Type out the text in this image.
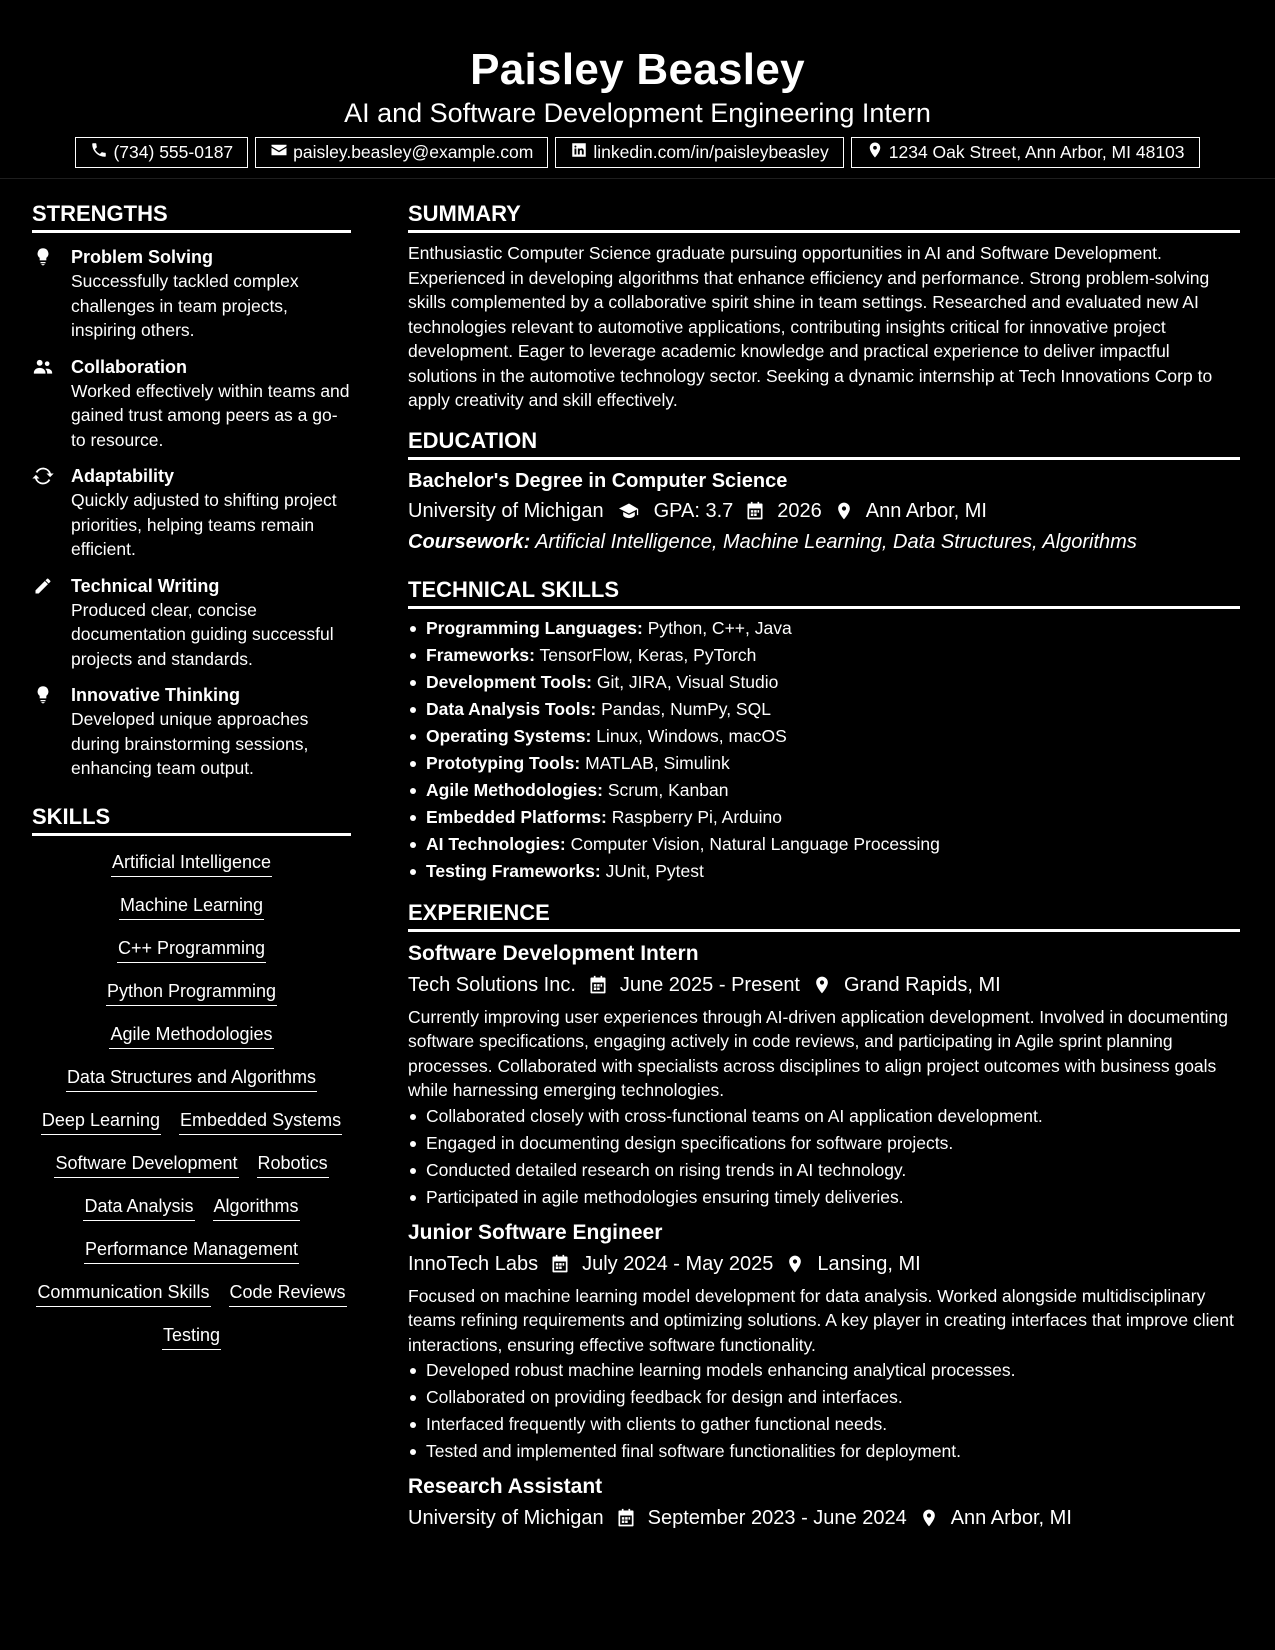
Paisley Beasley
AI and Software Development Engineering Intern
(734) 555-0187	paisley.beasley@example.com	linkedin.com/in/paisleybeasley	1234 Oak Street, Ann Arbor, MI 48103
STRENGTHS
Problem Solving
Successfully tackled complex challenges in team projects, inspiring others.
Collaboration
Worked effectively within teams and gained trust among peers as a go-to resource.
Adaptability
Quickly adjusted to shifting project priorities, helping teams remain efficient.
Technical Writing
Produced clear, concise documentation guiding successful projects and standards.
Innovative Thinking
Developed unique approaches during brainstorming sessions, enhancing team output.
SKILLS
Artificial Intelligence
Machine Learning
C++ Programming
Python Programming
Agile Methodologies
Data Structures and Algorithms
Deep Learning Embedded Systems
Software Development Robotics
Data Analysis Algorithms
Performance Management
Communication Skills Code Reviews
Testing
SUMMARY
Enthusiastic Computer Science graduate pursuing opportunities in AI and Software Development. Experienced in developing algorithms that enhance efficiency and performance. Strong problem-solving skills complemented by a collaborative spirit shine in team settings. Researched and evaluated new AI technologies relevant to automotive applications, contributing insights critical for innovative project development. Eager to leverage academic knowledge and practical experience to deliver impactful solutions in the automotive technology sector. Seeking a dynamic internship at Tech Innovations Corp to apply creativity and skill effectively.
EDUCATION
Bachelor's Degree in Computer Science
University of Michigan	GPA: 3.7 2026 Ann Arbor, MI
Coursework: Artificial Intelligence, Machine Learning, Data Structures, Algorithms
TECHNICAL SKILLS
Programming Languages: Python, C++, Java
Frameworks: TensorFlow, Keras, PyTorch
Development Tools: Git, JIRA, Visual Studio
Data Analysis Tools: Pandas, NumPy, SQL
Operating Systems: Linux, Windows, macOS
Prototyping Tools: MATLAB, Simulink
Agile Methodologies: Scrum, Kanban
Embedded Platforms: Raspberry Pi, Arduino
AI Technologies: Computer Vision, Natural Language Processing
Testing Frameworks: JUnit, Pytest
EXPERIENCE
Software Development Intern
Tech Solutions Inc. June 2025 - Present Grand Rapids, MI
Currently improving user experiences through AI-driven application development. Involved in documenting software specifications, engaging actively in code reviews, and participating in Agile sprint planning processes. Collaborated with specialists across disciplines to align project outcomes with business goals while harnessing emerging technologies.
Collaborated closely with cross-functional teams on AI application development.
Engaged in documenting design specifications for software projects.
Conducted detailed research on rising trends in AI technology.
Participated in agile methodologies ensuring timely deliveries.
Junior Software Engineer
InnoTech Labs July 2024 - May 2025 Lansing, MI
Focused on machine learning model development for data analysis. Worked alongside multidisciplinary teams refining requirements and optimizing solutions. A key player in creating interfaces that improve client interactions, ensuring effective software functionality.
Developed robust machine learning models enhancing analytical processes.
Collaborated on providing feedback for design and interfaces.
Interfaced frequently with clients to gather functional needs.
Tested and implemented final software functionalities for deployment.
Research Assistant
University of Michigan September 2023 - June 2024 Ann Arbor, MI
